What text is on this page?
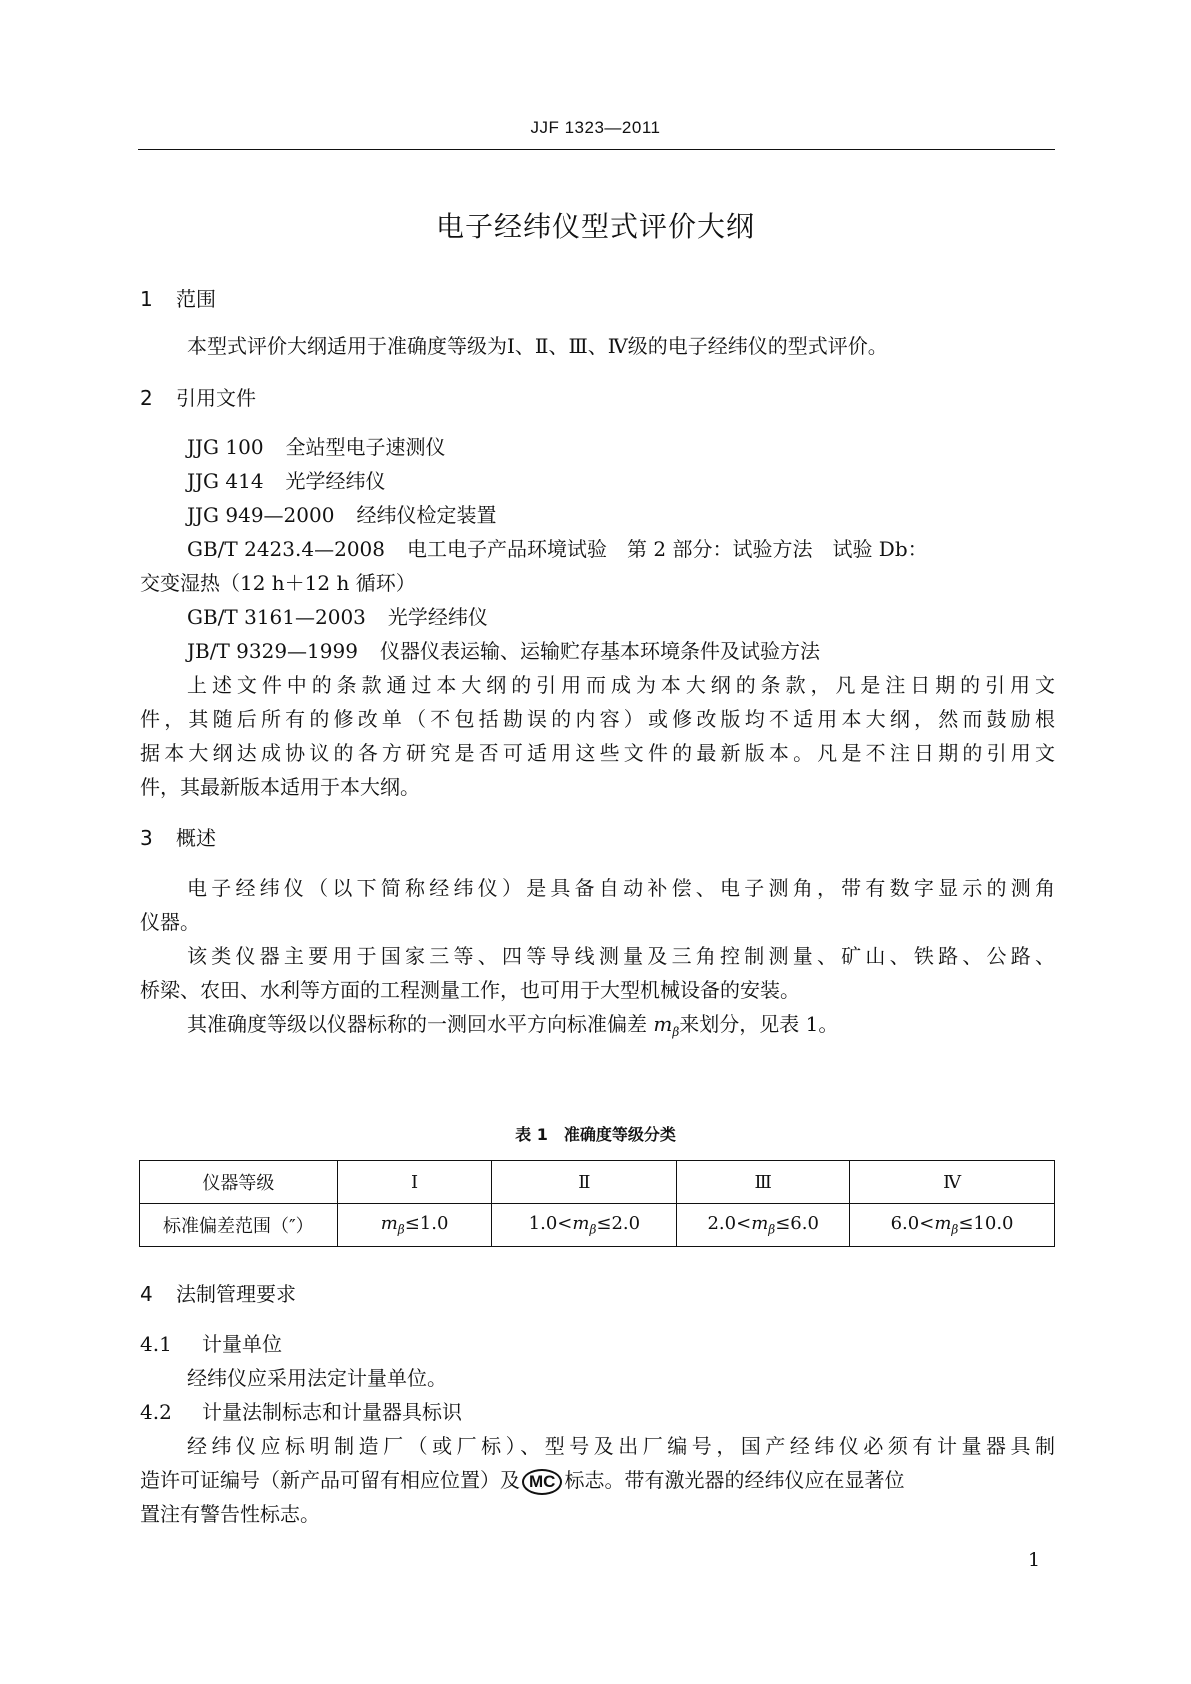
JJF 1323—2011
电子经纬仪型式评价大纲
1 范围
本型式评价大纲适用于准确度等级为Ⅰ、Ⅱ、Ⅲ、Ⅳ级的电子经纬仪的型式评价。
2 引用文件
JJG 100 全站型电子速测仪
JJG 414 光学经纬仪
JJG 949—2000 经纬仪检定装置
GB/T 2423.4—2008 电工电子产品环境试验　第 2 部分：试验方法　试验 Db：
交变湿热（12 h＋12 h 循环）
GB/T 3161—2003 光学经纬仪
JB/T 9329—1999 仪器仪表运输、运输贮存基本环境条件及试验方法
上述文件中的条款通过本大纲的引用而成为本大纲的条款，凡是注日期的引用文
件，其随后所有的修改单（不包括勘误的内容）或修改版均不适用本大纲，然而鼓励根
据本大纲达成协议的各方研究是否可适用这些文件的最新版本。凡是不注日期的引用文
件，其最新版本适用于本大纲。
3 概述
电子经纬仪（以下简称经纬仪）是具备自动补偿、电子测角，带有数字显示的测角
仪器。
该类仪器主要用于国家三等、四等导线测量及三角控制测量、矿山、铁路、公路、
桥梁、农田、水利等方面的工程测量工作，也可用于大型机械设备的安装。
其准确度等级以仪器标称的一测回水平方向标准偏差 $m_\beta$来划分，见表 1。
表 1　准确度等级分类
仪器等级	Ⅰ	Ⅱ	Ⅲ	Ⅳ
标准偏差范围（″）	$m_\beta\le 1.0$	$1.0<m_\beta\le 2.0$	$2.0<m_\beta\le 6.0$	$6.0<m_\beta\le 10.0$
4 法制管理要求
4.1 计量单位
经纬仪应采用法定计量单位。
4.2 计量法制标志和计量器具标识
经纬仪应标明制造厂（或厂标）、型号及出厂编号，国产经纬仪必须有计量器具制
造许可证编号（新产品可留有相应位置）及 MC 标志。带有激光器的经纬仪应在显著位
置注有警告性标志。
1
